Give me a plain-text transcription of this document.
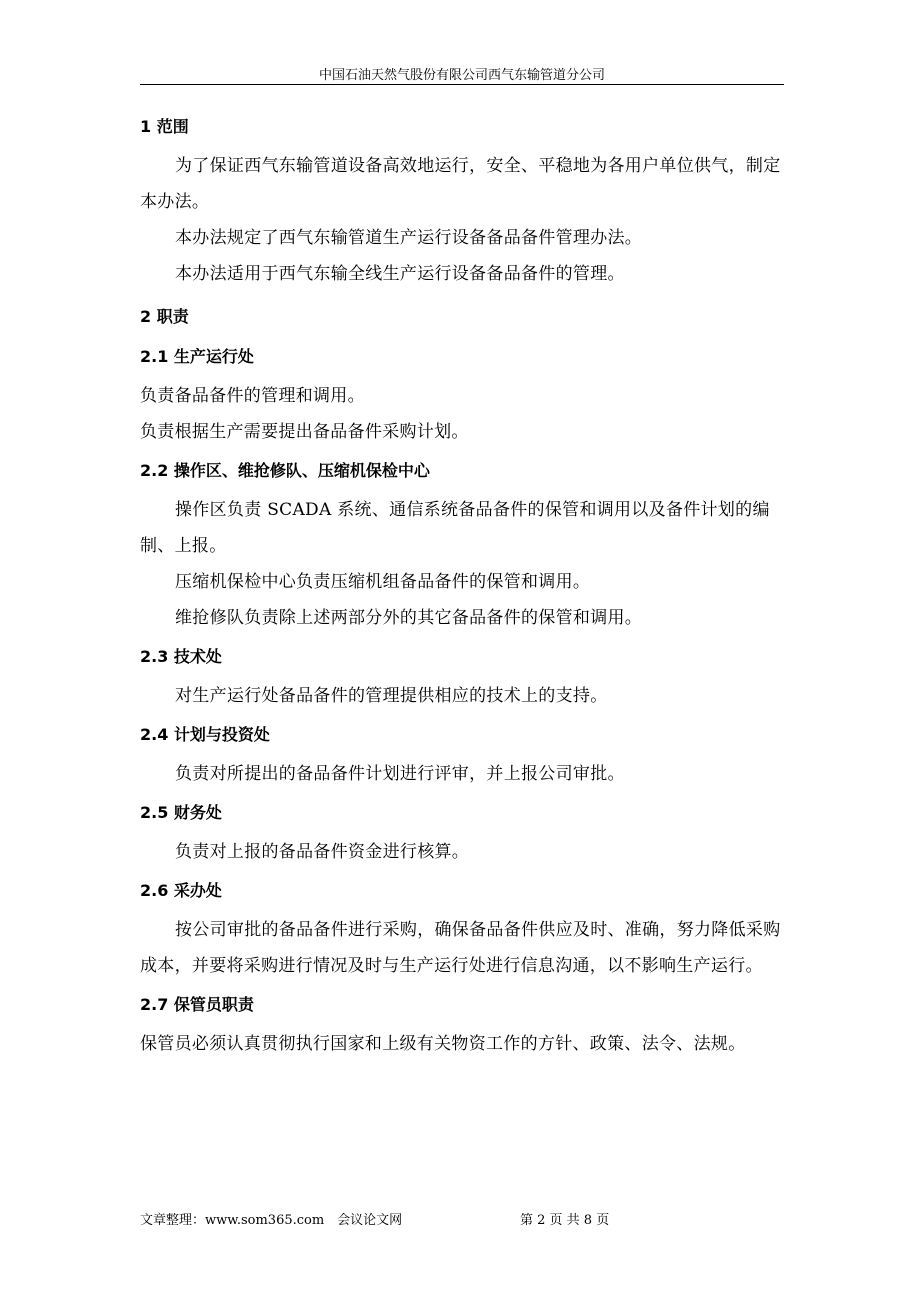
中国石油天然气股份有限公司西气东输管道分公司
1 范围
为了保证西气东输管道设备高效地运行，安全、平稳地为各用户单位供气，制定本办法。
本办法规定了西气东输管道生产运行设备备品备件管理办法。
本办法适用于西气东输全线生产运行设备备品备件的管理。
2 职责
2.1 生产运行处
负责备品备件的管理和调用。
负责根据生产需要提出备品备件采购计划。
2.2 操作区、维抢修队、压缩机保检中心
操作区负责 SCADA 系统、通信系统备品备件的保管和调用以及备件计划的编制、上报。
压缩机保检中心负责压缩机组备品备件的保管和调用。
维抢修队负责除上述两部分外的其它备品备件的保管和调用。
2.3 技术处
对生产运行处备品备件的管理提供相应的技术上的支持。
2.4 计划与投资处
负责对所提出的备品备件计划进行评审，并上报公司审批。
2.5 财务处
负责对上报的备品备件资金进行核算。
2.6 采办处
按公司审批的备品备件进行采购，确保备品备件供应及时、准确，努力降低采购成本，并要将采购进行情况及时与生产运行处进行信息沟通，以不影响生产运行。
2.7 保管员职责
保管员必须认真贯彻执行国家和上级有关物资工作的方针、政策、法令、法规。
文章整理：www.som365.com　会议论文网	第 2 页 共 8 页
